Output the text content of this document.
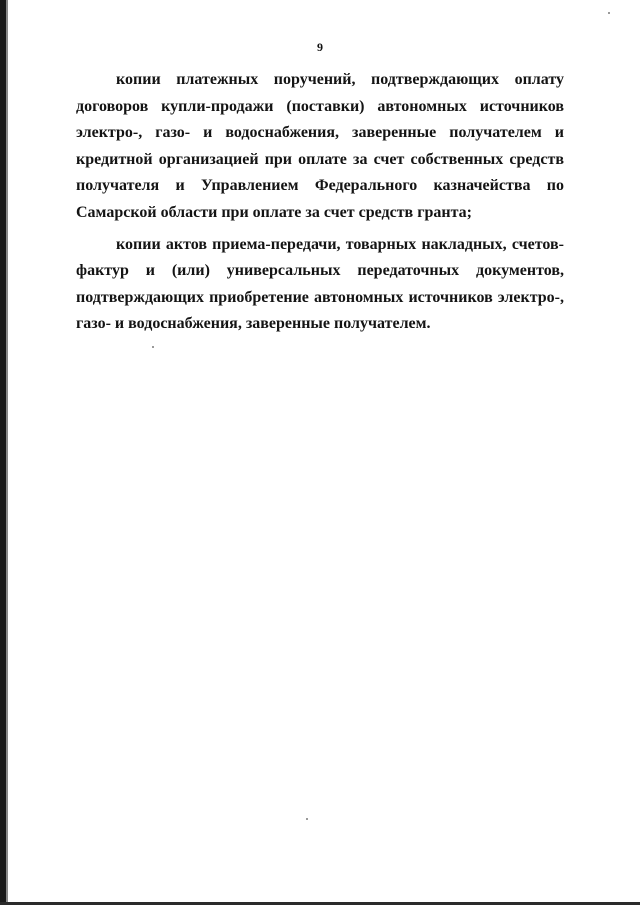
9

копии платежных поручений, подтверждающих оплату договоров купли-продажи (поставки) автономных источников электро-, газо- и водоснабжения, заверенные получателем и кредитной организацией при оплате за счет собственных средств получателя и Управлением Федерального казначейства по Самарской области при оплате за счет средств гранта;

копии актов приема-передачи, товарных накладных, счетов-фактур и (или) универсальных передаточных документов, подтверждающих приобретение автономных источников электро-, газо- и водоснабжения, заверенные получателем.
